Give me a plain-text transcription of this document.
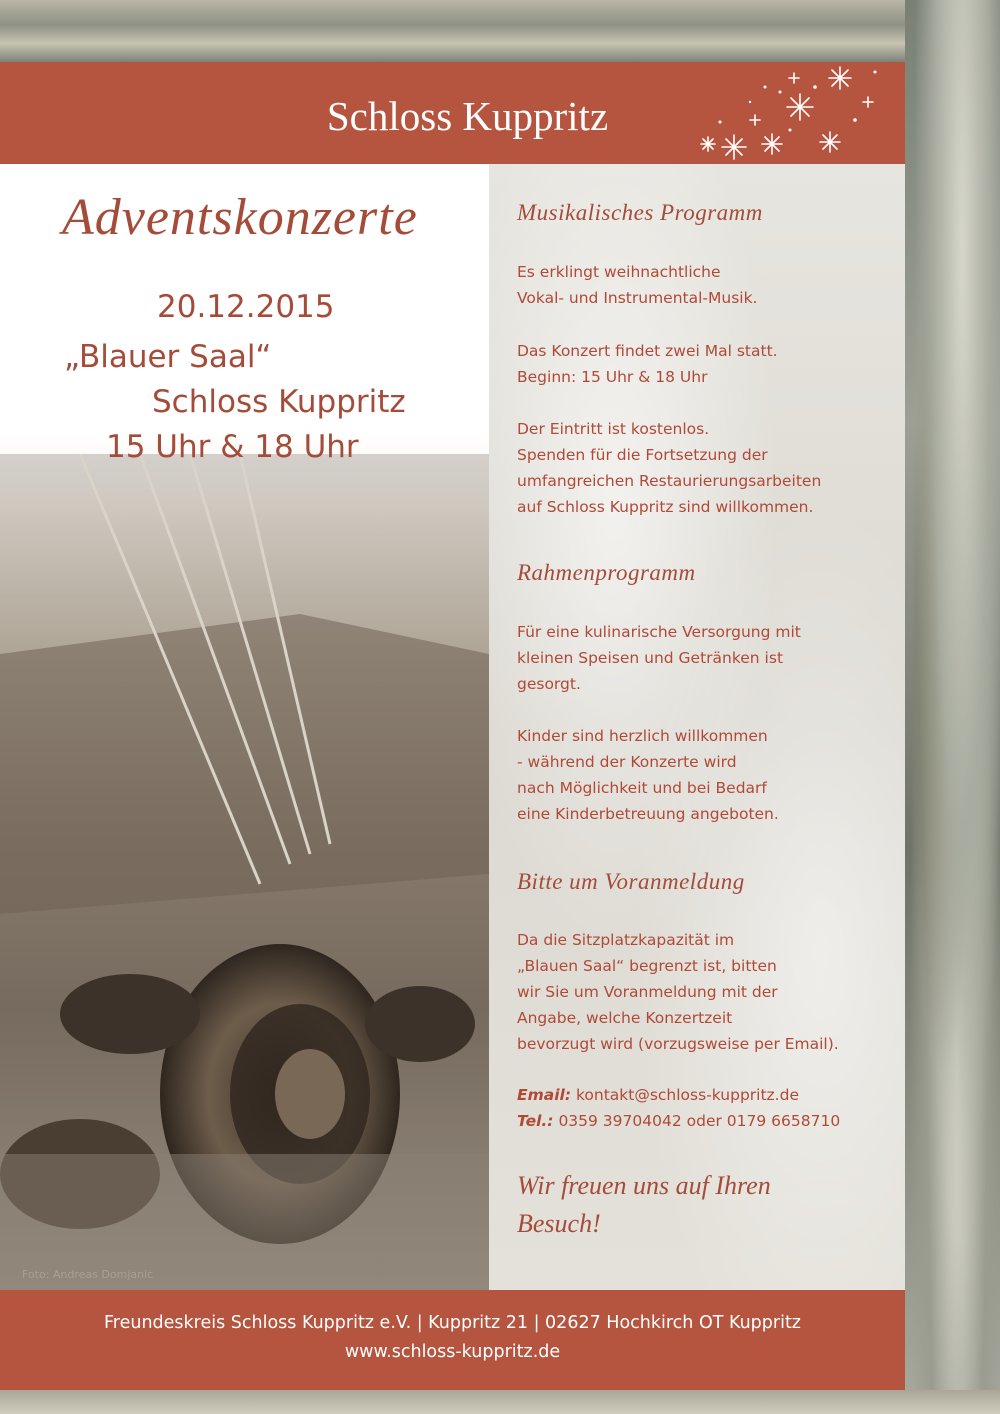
Schloss Kuppritz
Adventskonzerte
20.12.2015
„Blauer Saal“
Schloss Kuppritz
15 Uhr & 18 Uhr
Foto: Andreas Domjanic
Musikalisches Programm
Es erklingt weihnachtliche
Vokal- und Instrumental-Musik.
Das Konzert findet zwei Mal statt.
Beginn: 15 Uhr & 18 Uhr
Der Eintritt ist kostenlos.
Spenden für die Fortsetzung der
umfangreichen Restaurierungsarbeiten
auf Schloss Kuppritz sind willkommen.
Rahmenprogramm
Für eine kulinarische Versorgung mit
kleinen Speisen und Getränken ist
gesorgt.
Kinder sind herzlich willkommen
- während der Konzerte wird
nach Möglichkeit und bei Bedarf
eine Kinderbetreuung angeboten.
Bitte um Voranmeldung
Da die Sitzplatzkapazität im
„Blauen Saal“ begrenzt ist, bitten
wir Sie um Voranmeldung mit der
Angabe, welche Konzertzeit
bevorzugt wird (vorzugsweise per Email).
Email: kontakt@schloss-kuppritz.de
Tel.: 0359 39704042 oder 0179 6658710
Wir freuen uns auf Ihren Besuch!
Freundeskreis Schloss Kuppritz e.V. | Kuppritz 21 | 02627 Hochkirch OT Kuppritz
www.schloss-kuppritz.de
